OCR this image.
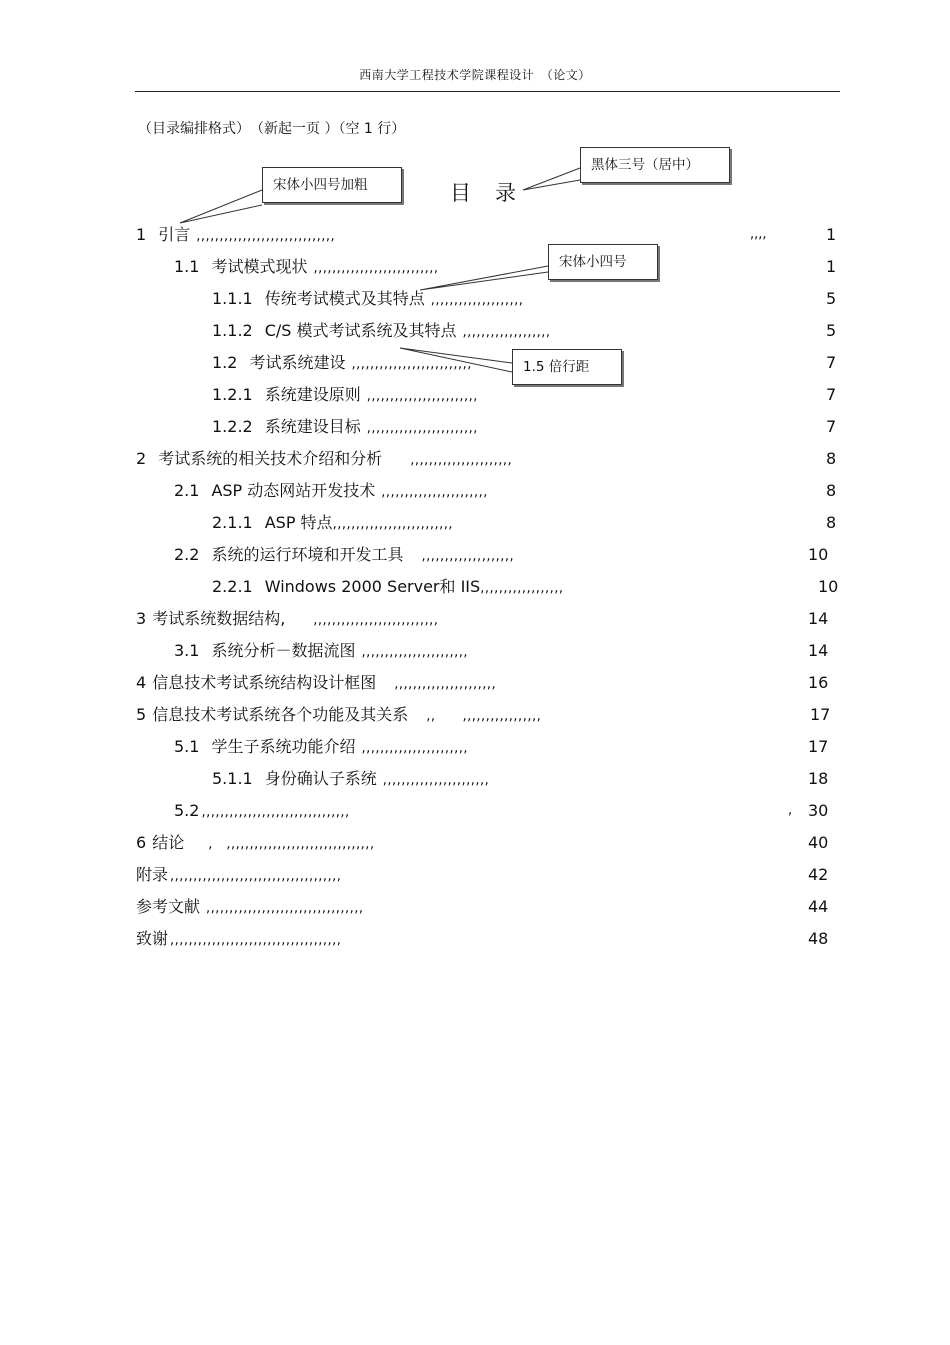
西南大学工程技术学院课程设计　（论文）
（目录编排格式）　（新起一页 ）（空 1 行）
目录
黑体三号（居中）
宋体小四号加粗
宋体小四号
1.5 倍行距
1 引言 ,,,,,,,,,,,,,,,,,,,,,,,,,,,,,,	,,,,	1
1.1 考试模式现状 ,,,,,,,,,,,,,,,,,,,,,,,,,,,	1
1.1.1 传统考试模式及其特点 ,,,,,,,,,,,,,,,,,,,,	5
1.1.2 C/S 模式考试系统及其特点 ,,,,,,,,,,,,,,,,,,,	5
1.2 考试系统建设 ,,,,,,,,,,,,,,,,,,,,,,,,,,	7
1.2.1 系统建设原则 ,,,,,,,,,,,,,,,,,,,,,,,,	7
1.2.2 系统建设目标 ,,,,,,,,,,,,,,,,,,,,,,,,	7
2 考试系统的相关技术介绍和分析 ,,,,,,,,,,,,,,,,,,,,,,	8
2.1 ASP 动态网站开发技术 ,,,,,,,,,,,,,,,,,,,,,,,	8
2.1.1 ASP 特点,,,,,,,,,,,,,,,,,,,,,,,,,,	8
2.2 系统的运行环境和开发工具 ,,,,,,,,,,,,,,,,,,,,	10
2.2.1 Windows 2000 Server和 IIS,,,,,,,,,,,,,,,,,,	10
3 考试系统数据结构, ,,,,,,,,,,,,,,,,,,,,,,,,,,,	14
3.1 系统分析－数据流图 ,,,,,,,,,,,,,,,,,,,,,,,	14
4 信息技术考试系统结构设计框图 ,,,,,,,,,,,,,,,,,,,,,,	16
5 信息技术考试系统各个功能及其关系 ,,　　,,,,,,,,,,,,,,,,,	17
5.1 学生子系统功能介绍 ,,,,,,,,,,,,,,,,,,,,,,,	17
5.1.1 身份确认子系统 ,,,,,,,,,,,,,,,,,,,,,,,	18
5.2 ,,,,,,,,,,,,,,,,,,,,,,,,,,,,,,,,	, 30
6 结论 ,　,,,,,,,,,,,,,,,,,,,,,,,,,,,,,,,,	40
附录 ,,,,,,,,,,,,,,,,,,,,,,,,,,,,,,,,,,,,,	42
参考文献 ,,,,,,,,,,,,,,,,,,,,,,,,,,,,,,,,,,	44
致谢 ,,,,,,,,,,,,,,,,,,,,,,,,,,,,,,,,,,,,,	48
